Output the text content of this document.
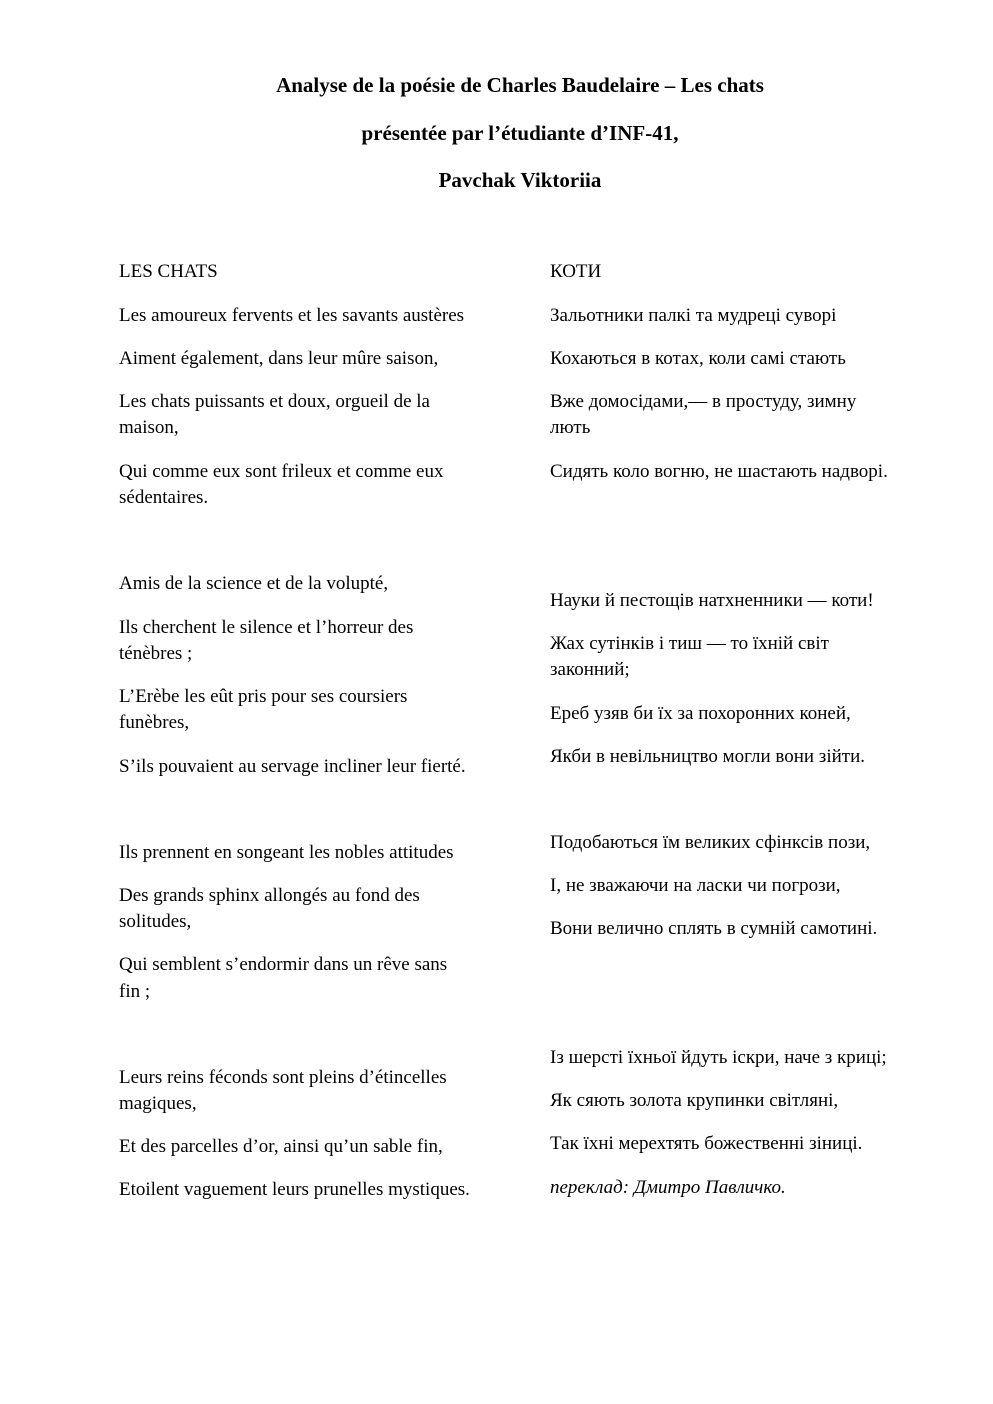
Analyse de la poésie de Charles Baudelaire – Les chats
présentée par l’étudiante d’INF-41,
Pavchak Viktoriia
LES CHATS
Les amoureux fervents et les savants austères
Aiment également, dans leur mûre saison,
Les chats puissants et doux, orgueil de la
maison,
Qui comme eux sont frileux et comme eux
sédentaires.
Amis de la science et de la volupté,
Ils cherchent le silence et l’horreur des
ténèbres ;
L’Erèbe les eût pris pour ses coursiers
funèbres,
S’ils pouvaient au servage incliner leur fierté.
Ils prennent en songeant les nobles attitudes
Des grands sphinx allongés au fond des
solitudes,
Qui semblent s’endormir dans un rêve sans
fin ;
Leurs reins féconds sont pleins d’étincelles
magiques,
Et des parcelles d’or, ainsi qu’un sable fin,
Etoilent vaguement leurs prunelles mystiques.
КОТИ
Зальотники палкі та мудреці суворі
Кохаються в котах, коли самі стають
Вже домосідами,— в простуду, зимну
лють
Сидять коло вогню, не шастають надворі.
Науки й пестощів натхненники — коти!
Жах сутінків і тиш — то їхній світ
законний;
Ереб узяв би їх за похоронних коней,
Якби в невільництво могли вони зійти.
Подобаються їм великих сфінксів пози,
І, не зважаючи на ласки чи погрози,
Вони велично сплять в сумній самотині.
Із шерсті їхньої йдуть іскри, наче з криці;
Як сяють золота крупинки світляні,
Так їхні мерехтять божественні зіниці.
переклад: Дмитро Павличко.
